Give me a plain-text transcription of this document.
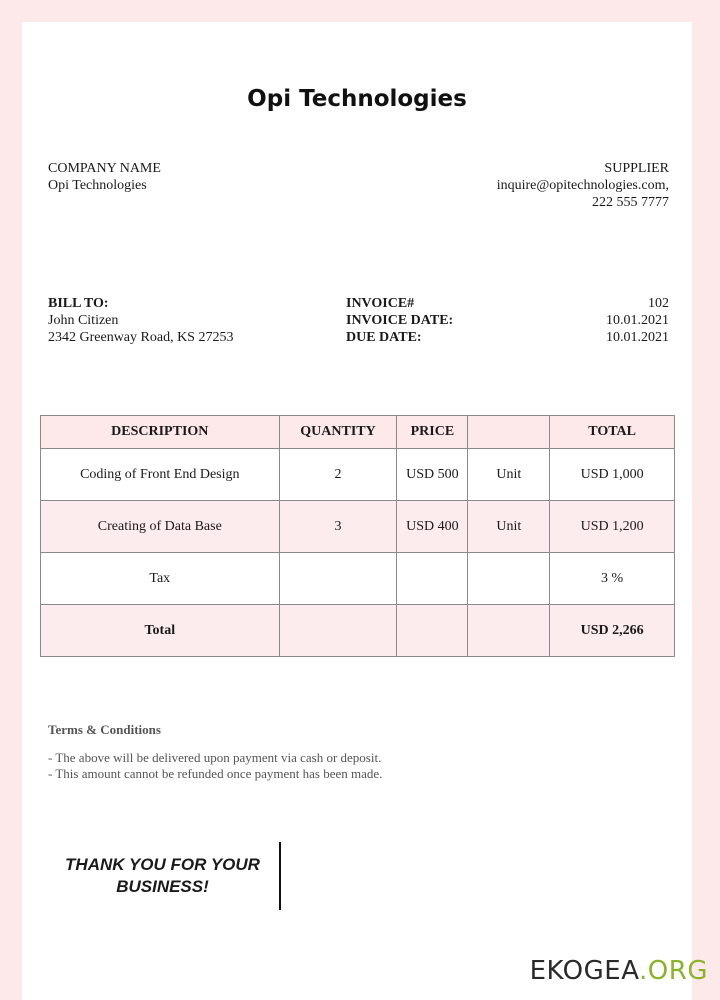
Opi Technologies
COMPANY NAME
Opi Technologies
SUPPLIER
inquire@opitechnologies.com,
222 555 7777
BILL TO:
John Citizen
2342 Greenway Road, KS 27253
INVOICE#	102
INVOICE DATE:	10.01.2021
DUE DATE:	10.01.2021
DESCRIPTION	QUANTITY	PRICE		TOTAL
Coding of Front End Design	2	USD 500	Unit	USD 1,000
Creating of Data Base	3	USD 400	Unit	USD 1,200
Tax				3 %
Total				USD 2,266
Terms & Conditions
- The above will be delivered upon payment via cash or deposit.
- This amount cannot be refunded once payment has been made.
THANK YOU FOR YOUR
BUSINESS!
EKOGEA.ORG
